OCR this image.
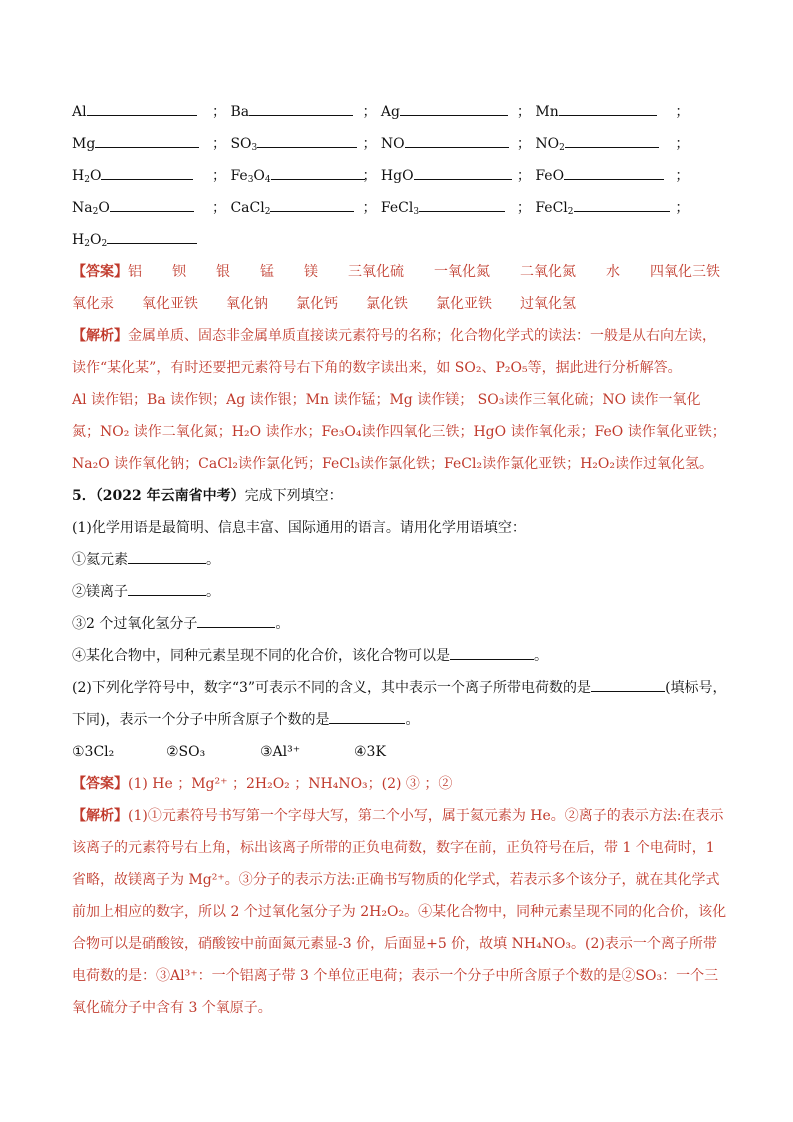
Al	； Ba	； Ag	； Mn	；
Mg	； $SO_3$	； NO	； $NO_2$	；
$H_2O$	； $Fe_3O_4$	； HgO	； FeO	；
$Na_2O$	； CaCl$_2$	； FeCl$_3$	； FeCl$_2$	；
$H_2O_2$
【答案】铝 钡 银 锰 镁 三氧化硫 一氧化氮 二氧化氮 水 四氧化三铁
氧化汞 氧化亚铁 氧化钠 氯化钙 氯化铁 氯化亚铁 过氧化氢
【解析】金属单质、固态非金属单质直接读元素符号的名称；化合物化学式的读法：一般是从右向左读，读作“某化某”，有时还要把元素符号右下角的数字读出来，如 SO₂、P₂O₅等，据此进行分析解答。
Al 读作铝；Ba 读作钡；Ag 读作银；Mn 读作锰；Mg 读作镁； SO₃读作三氧化硫；NO 读作一氧化氮；NO₂ 读作二氧化氮；H₂O 读作水；Fe₃O₄读作四氧化三铁；HgO 读作氧化汞；FeO 读作氧化亚铁；Na₂O 读作氧化钠；CaCl₂读作氯化钙；FeCl₃读作氯化铁；FeCl₂读作氯化亚铁；H₂O₂读作过氧化氢。
5．（2022 年云南省中考）完成下列填空：
(1)化学用语是最简明、信息丰富、国际通用的语言。请用化学用语填空：
①氦元素	。
②镁离子	。
③2 个过氧化氢分子	。
④某化合物中，同种元素呈现不同的化合价，该化合物可以是	。
(2)下列化学符号中，数字“3”可表示不同的含义，其中表示一个离子所带电荷数的是	(填标号，
下同)，表示一个分子中所含原子个数的是	。
①3Cl₂	②SO₃	③Al³⁺	④3K
【答案】(1) He ；Mg²⁺ ；2H₂O₂ ；NH₄NO₃；(2) ③ ；②
【解析】(1)①元素符号书写第一个字母大写，第二个小写，属于氦元素为 He。②离子的表示方法:在表示该离子的元素符号右上角，标出该离子所带的正负电荷数，数字在前，正负符号在后，带 1 个电荷时，1 省略，故镁离子为 Mg²⁺。③分子的表示方法:正确书写物质的化学式，若表示多个该分子，就在其化学式前加上相应的数字，所以 2 个过氧化氢分子为 2H₂O₂。④某化合物中，同种元素呈现不同的化合价，该化合物可以是硝酸铵，硝酸铵中前面氮元素显-3 价，后面显+5 价，故填 NH₄NO₃。(2)表示一个离子所带电荷数的是：③Al³⁺：一个铝离子带 3 个单位正电荷；表示一个分子中所含原子个数的是②SO₃：一个三氧化硫分子中含有 3 个氧原子。
